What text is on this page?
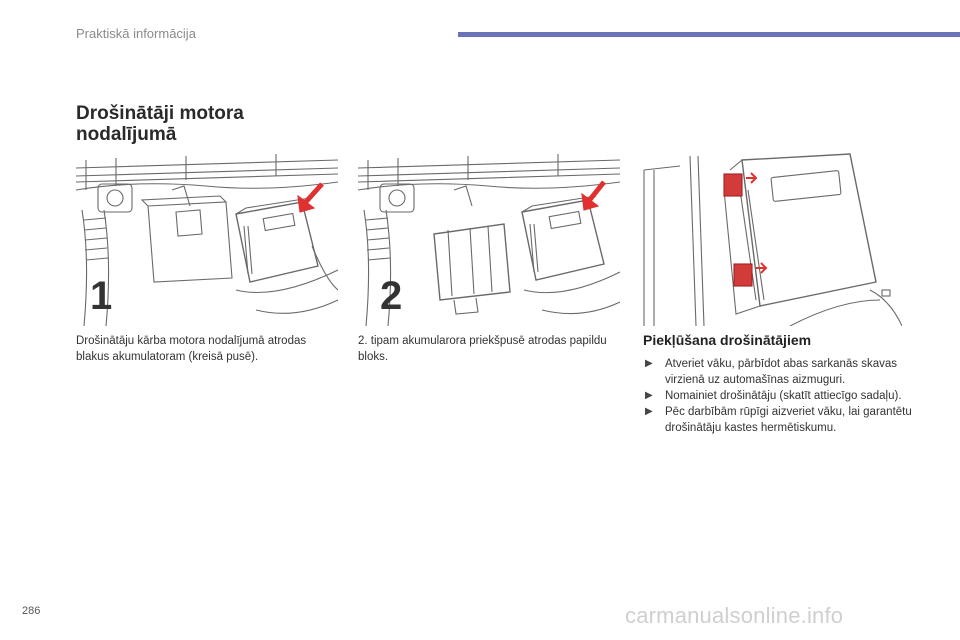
Praktiskā informācija
Drošinātāji motora
nodalījumā
1	2
Drošinātāju kārba motora nodalījumā atrodas blakus akumulatoram (kreisā pusē).
2. tipam akumularora priekšpusē atrodas papildu bloks.
Piekļūšana drošinātājiem
▶ Atveriet vāku, pārbīdot abas sarkanās skavas virzienā uz automašīnas aizmuguri.
▶ Nomainiet drošinātāju (skatīt attiecīgo sadaļu).
▶ Pēc darbībām rūpīgi aizveriet vāku, lai garantētu drošinātāju kastes hermētiskumu.
286	carmanualsonline.info
